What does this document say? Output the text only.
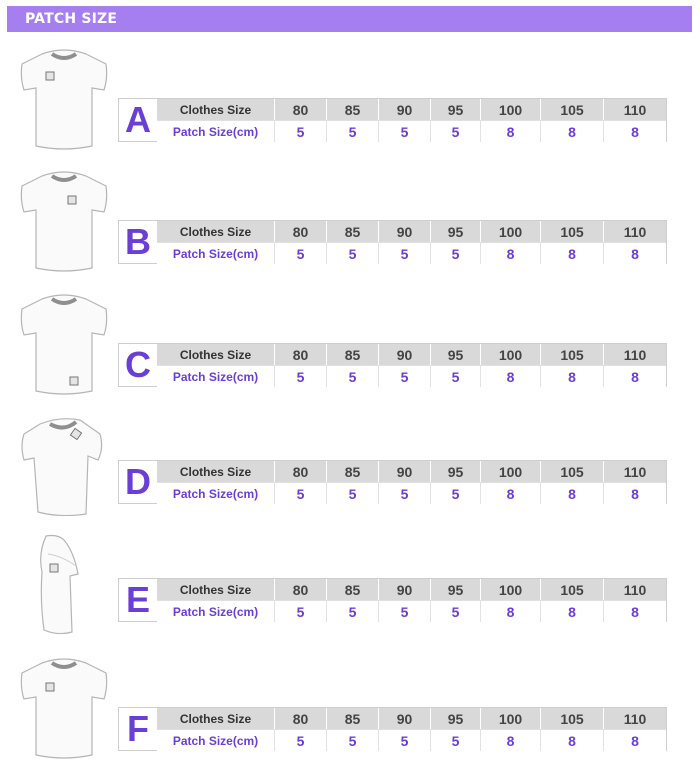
PATCH SIZE
A	Clothes Size	80	85	90	95	100	105	110
Patch Size(cm)	5	5	5	5	8	8	8
B	Clothes Size	80	85	90	95	100	105	110
Patch Size(cm)	5	5	5	5	8	8	8
C	Clothes Size	80	85	90	95	100	105	110
Patch Size(cm)	5	5	5	5	8	8	8
D	Clothes Size	80	85	90	95	100	105	110
Patch Size(cm)	5	5	5	5	8	8	8
E	Clothes Size	80	85	90	95	100	105	110
Patch Size(cm)	5	5	5	5	8	8	8
F	Clothes Size	80	85	90	95	100	105	110
Patch Size(cm)	5	5	5	5	8	8	8
